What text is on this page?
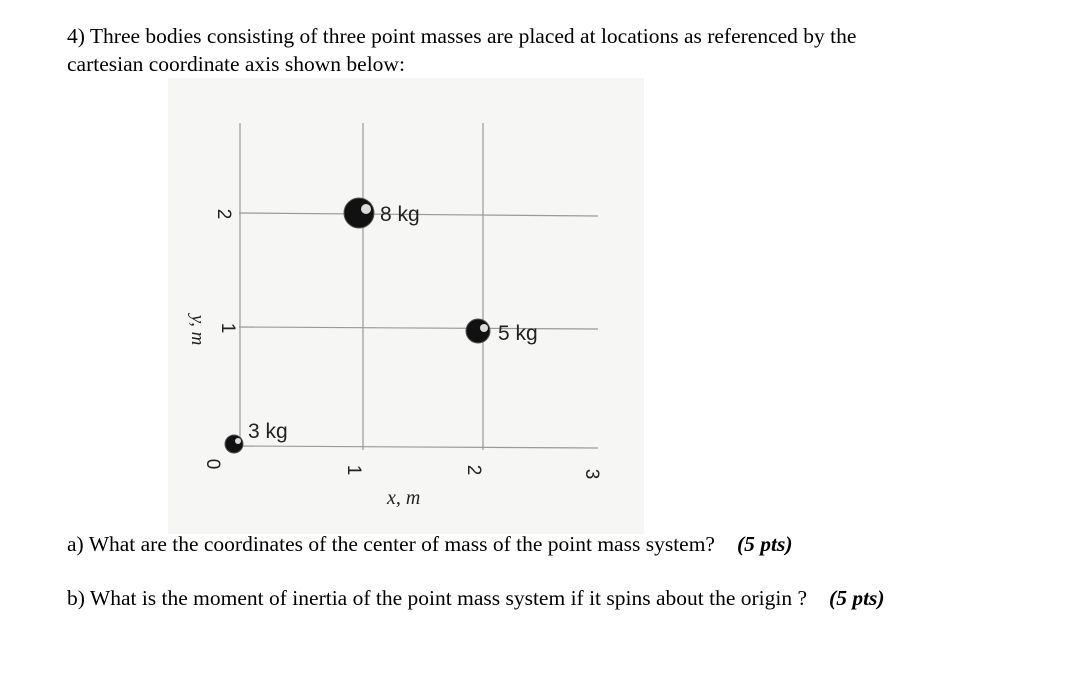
4) Three bodies consisting of three point masses are placed at locations as referenced by the
cartesian coordinate axis shown below:
2
1
y, m
0
1	2	3
x, m
3 kg
8 kg
5 kg
a) What are the coordinates of the center of mass of the point mass system? (5 pts)
b) What is the moment of inertia of the point mass system if it spins about the origin ? (5 pts)
